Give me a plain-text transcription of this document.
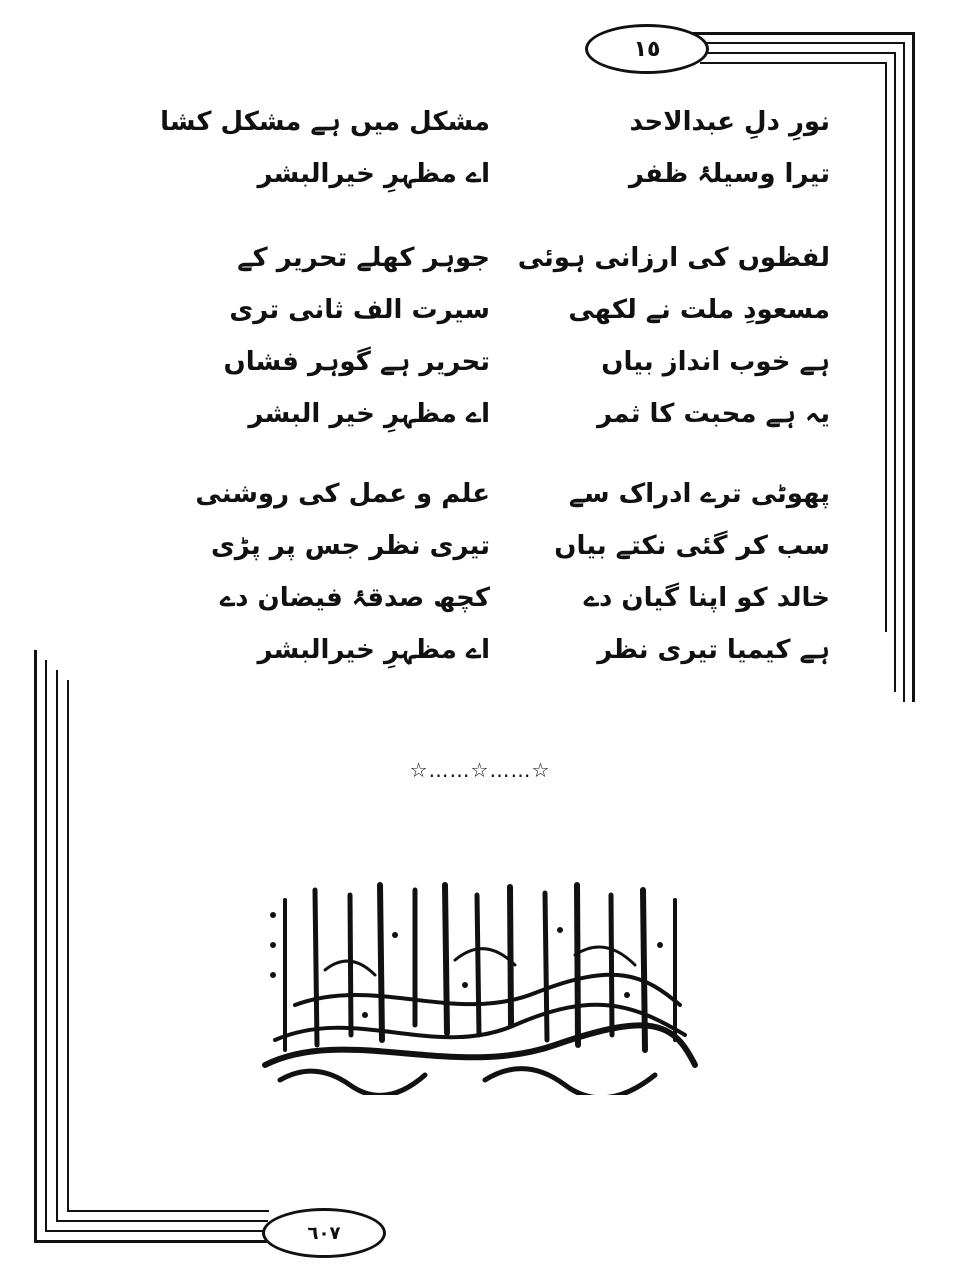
١٥
نورِ دلِ عبدالاحد
مشکل میں ہے مشکل کشا
تیرا وسیلۂ ظفر
اے مظہرِ خیرالبشر
لفظوں کی ارزانی ہوئی
جوہر کھلے تحریر کے
مسعودِ ملت نے لکھی
سیرت الف ثانی تری
ہے خوب انداز بیاں
تحریر ہے گوہر فشاں
یہ ہے محبت کا ثمر
اے مظہرِ خیر البشر
پھوٹی ترے ادراک سے
علم و عمل کی روشنی
سب کر گئی نکتے بیاں
تیری نظر جس پر پڑی
خالد کو اپنا گیان دے
کچھ صدقۂ فیضان دے
ہے کیمیا تیری نظر
اے مظہرِ خیرالبشر
☆……☆……☆
٦٠٧
